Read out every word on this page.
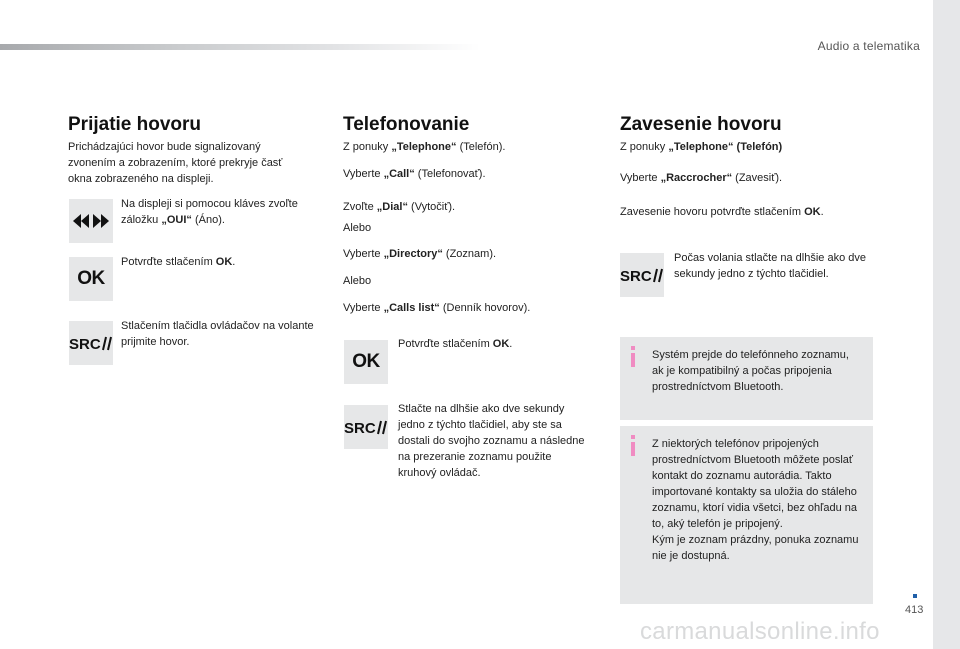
Audio a telematika
Prijatie hovoru
Prichádzajúci hovor bude signalizovaný zvonením a zobrazením, ktoré prekryje časť okna zobrazeného na displeji.
Na displeji si pomocou kláves zvoľte záložku „OUI“ (Áno).
OK
Potvrďte stlačením OK.
SRC
Stlačením tlačidla ovládačov na volante prijmite hovor.
Telefonovanie
Z ponuky „Telephone“ (Telefón).
Vyberte „Call“ (Telefonovať).
Zvoľte „Dial“ (Vytočiť).
Alebo
Vyberte „Directory“ (Zoznam).
Alebo
Vyberte „Calls list“ (Denník hovorov).
OK
Potvrďte stlačením OK.
SRC
Stlačte na dlhšie ako dve sekundy jedno z týchto tlačidiel, aby ste sa dostali do svojho zoznamu a následne na prezeranie zoznamu použite kruhový ovládač.
Zavesenie hovoru
Z ponuky „Telephone“ (Telefón)
Vyberte „Raccrocher“ (Zavesiť).
Zavesenie hovoru potvrďte stlačením OK.
SRC
Počas volania stlačte na dlhšie ako dve sekundy jedno z týchto tlačidiel.
Systém prejde do telefónneho zoznamu, ak je kompatibilný a počas pripojenia prostredníctvom Bluetooth.
Z niektorých telefónov pripojených prostredníctvom Bluetooth môžete poslať kontakt do zoznamu autorádia. Takto importované kontakty sa uložia do stáleho zoznamu, ktorí vidia všetci, bez ohľadu na to, aký telefón je pripojený.
Kým je zoznam prázdny, ponuka zoznamu nie je dostupná.
413
carmanualsonline.info
